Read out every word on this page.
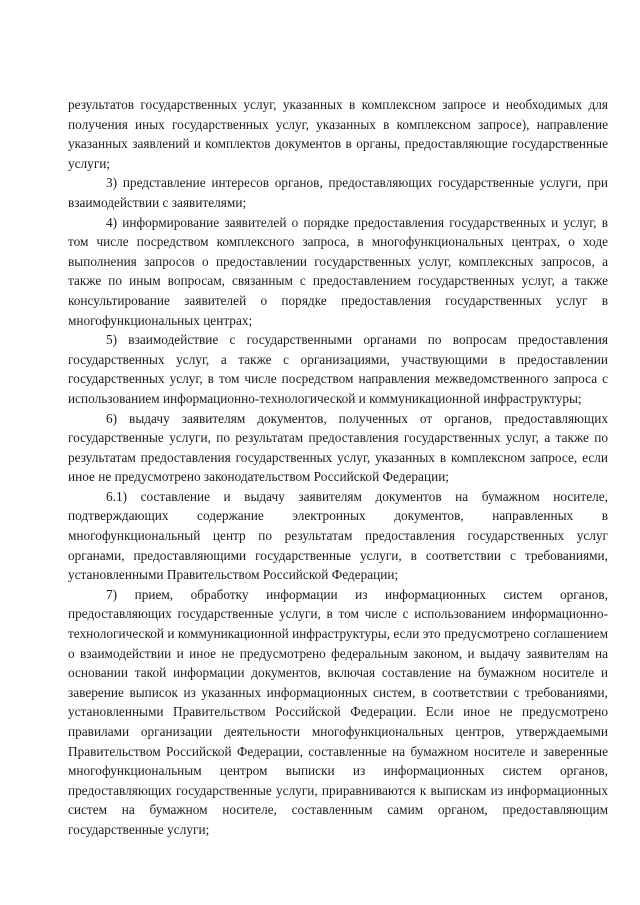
результатов государственных услуг, указанных в комплексном запросе и необходимых для получения иных государственных услуг, указанных в комплексном запросе), направление указанных заявлений и комплектов документов в органы, предоставляющие государственные услуги;

3) представление интересов органов, предоставляющих государственные услуги, при взаимодействии с заявителями;

4) информирование заявителей о порядке предоставления государственных и услуг, в том числе посредством комплексного запроса, в многофункциональных центрах, о ходе выполнения запросов о предоставлении государственных услуг, комплексных запросов, а также по иным вопросам, связанным с предоставлением государственных услуг, а также консультирование заявителей о порядке предоставления государственных услуг в многофункциональных центрах;

5) взаимодействие с государственными органами по вопросам предоставления государственных услуг, а также с организациями, участвующими в предоставлении государственных услуг, в том числе посредством направления межведомственного запроса с использованием информационно-технологической и коммуникационной инфраструктуры;

6) выдачу заявителям документов, полученных от органов, предоставляющих государственные услуги, по результатам предоставления государственных услуг, а также по результатам предоставления государственных услуг, указанных в комплексном запросе, если иное не предусмотрено законодательством Российской Федерации;

6.1) составление и выдачу заявителям документов на бумажном носителе, подтверждающих содержание электронных документов, направленных в многофункциональный центр по результатам предоставления государственных услуг органами, предоставляющими государственные услуги, в соответствии с требованиями, установленными Правительством Российской Федерации;

7) прием, обработку информации из информационных систем органов, предоставляющих государственные услуги, в том числе с использованием информационно-технологической и коммуникационной инфраструктуры, если это предусмотрено соглашением о взаимодействии и иное не предусмотрено федеральным законом, и выдачу заявителям на основании такой информации документов, включая составление на бумажном носителе и заверение выписок из указанных информационных систем, в соответствии с требованиями, установленными Правительством Российской Федерации. Если иное не предусмотрено правилами организации деятельности многофункциональных центров, утверждаемыми Правительством Российской Федерации, составленные на бумажном носителе и заверенные многофункциональным центром выписки из информационных систем органов, предоставляющих государственные услуги, приравниваются к выпискам из информационных систем на бумажном носителе, составленным самим органом, предоставляющим государственные услуги;
